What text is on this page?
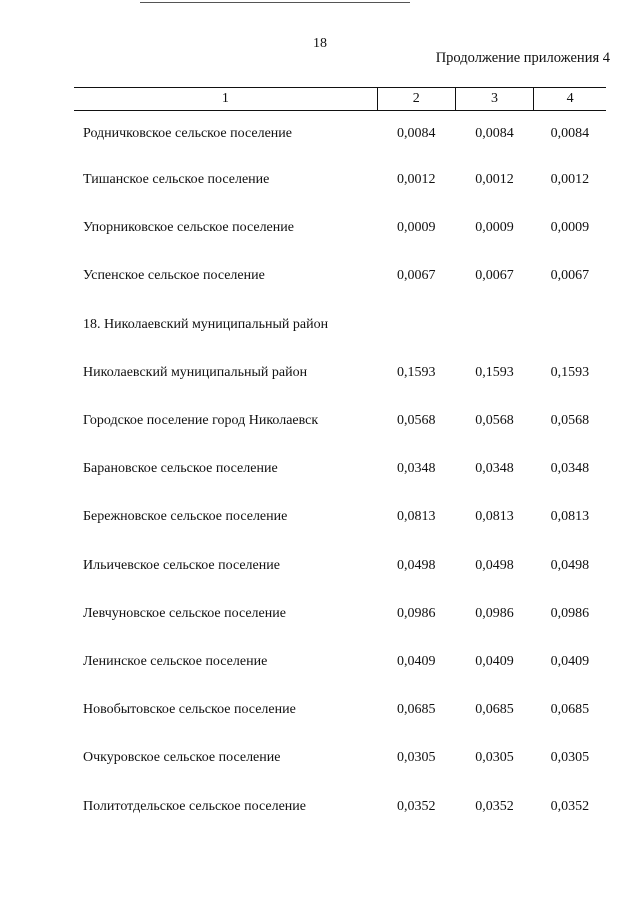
18
Продолжение приложения 4
1	2	3	4
Родничковское сельское поселение	0,0084	0,0084	0,0084
Тишанское сельское поселение	0,0012	0,0012	0,0012
Упорниковское сельское поселение	0,0009	0,0009	0,0009
Успенское сельское поселение	0,0067	0,0067	0,0067
18. Николаевский муниципальный район			
Николаевский муниципальный район	0,1593	0,1593	0,1593
Городское поселение город Николаевск	0,0568	0,0568	0,0568
Барановское сельское поселение	0,0348	0,0348	0,0348
Бережновское сельское поселение	0,0813	0,0813	0,0813
Ильичевское сельское поселение	0,0498	0,0498	0,0498
Левчуновское сельское поселение	0,0986	0,0986	0,0986
Ленинское сельское поселение	0,0409	0,0409	0,0409
Новобытовское сельское поселение	0,0685	0,0685	0,0685
Очкуровское сельское поселение	0,0305	0,0305	0,0305
Политотдельское сельское поселение	0,0352	0,0352	0,0352
